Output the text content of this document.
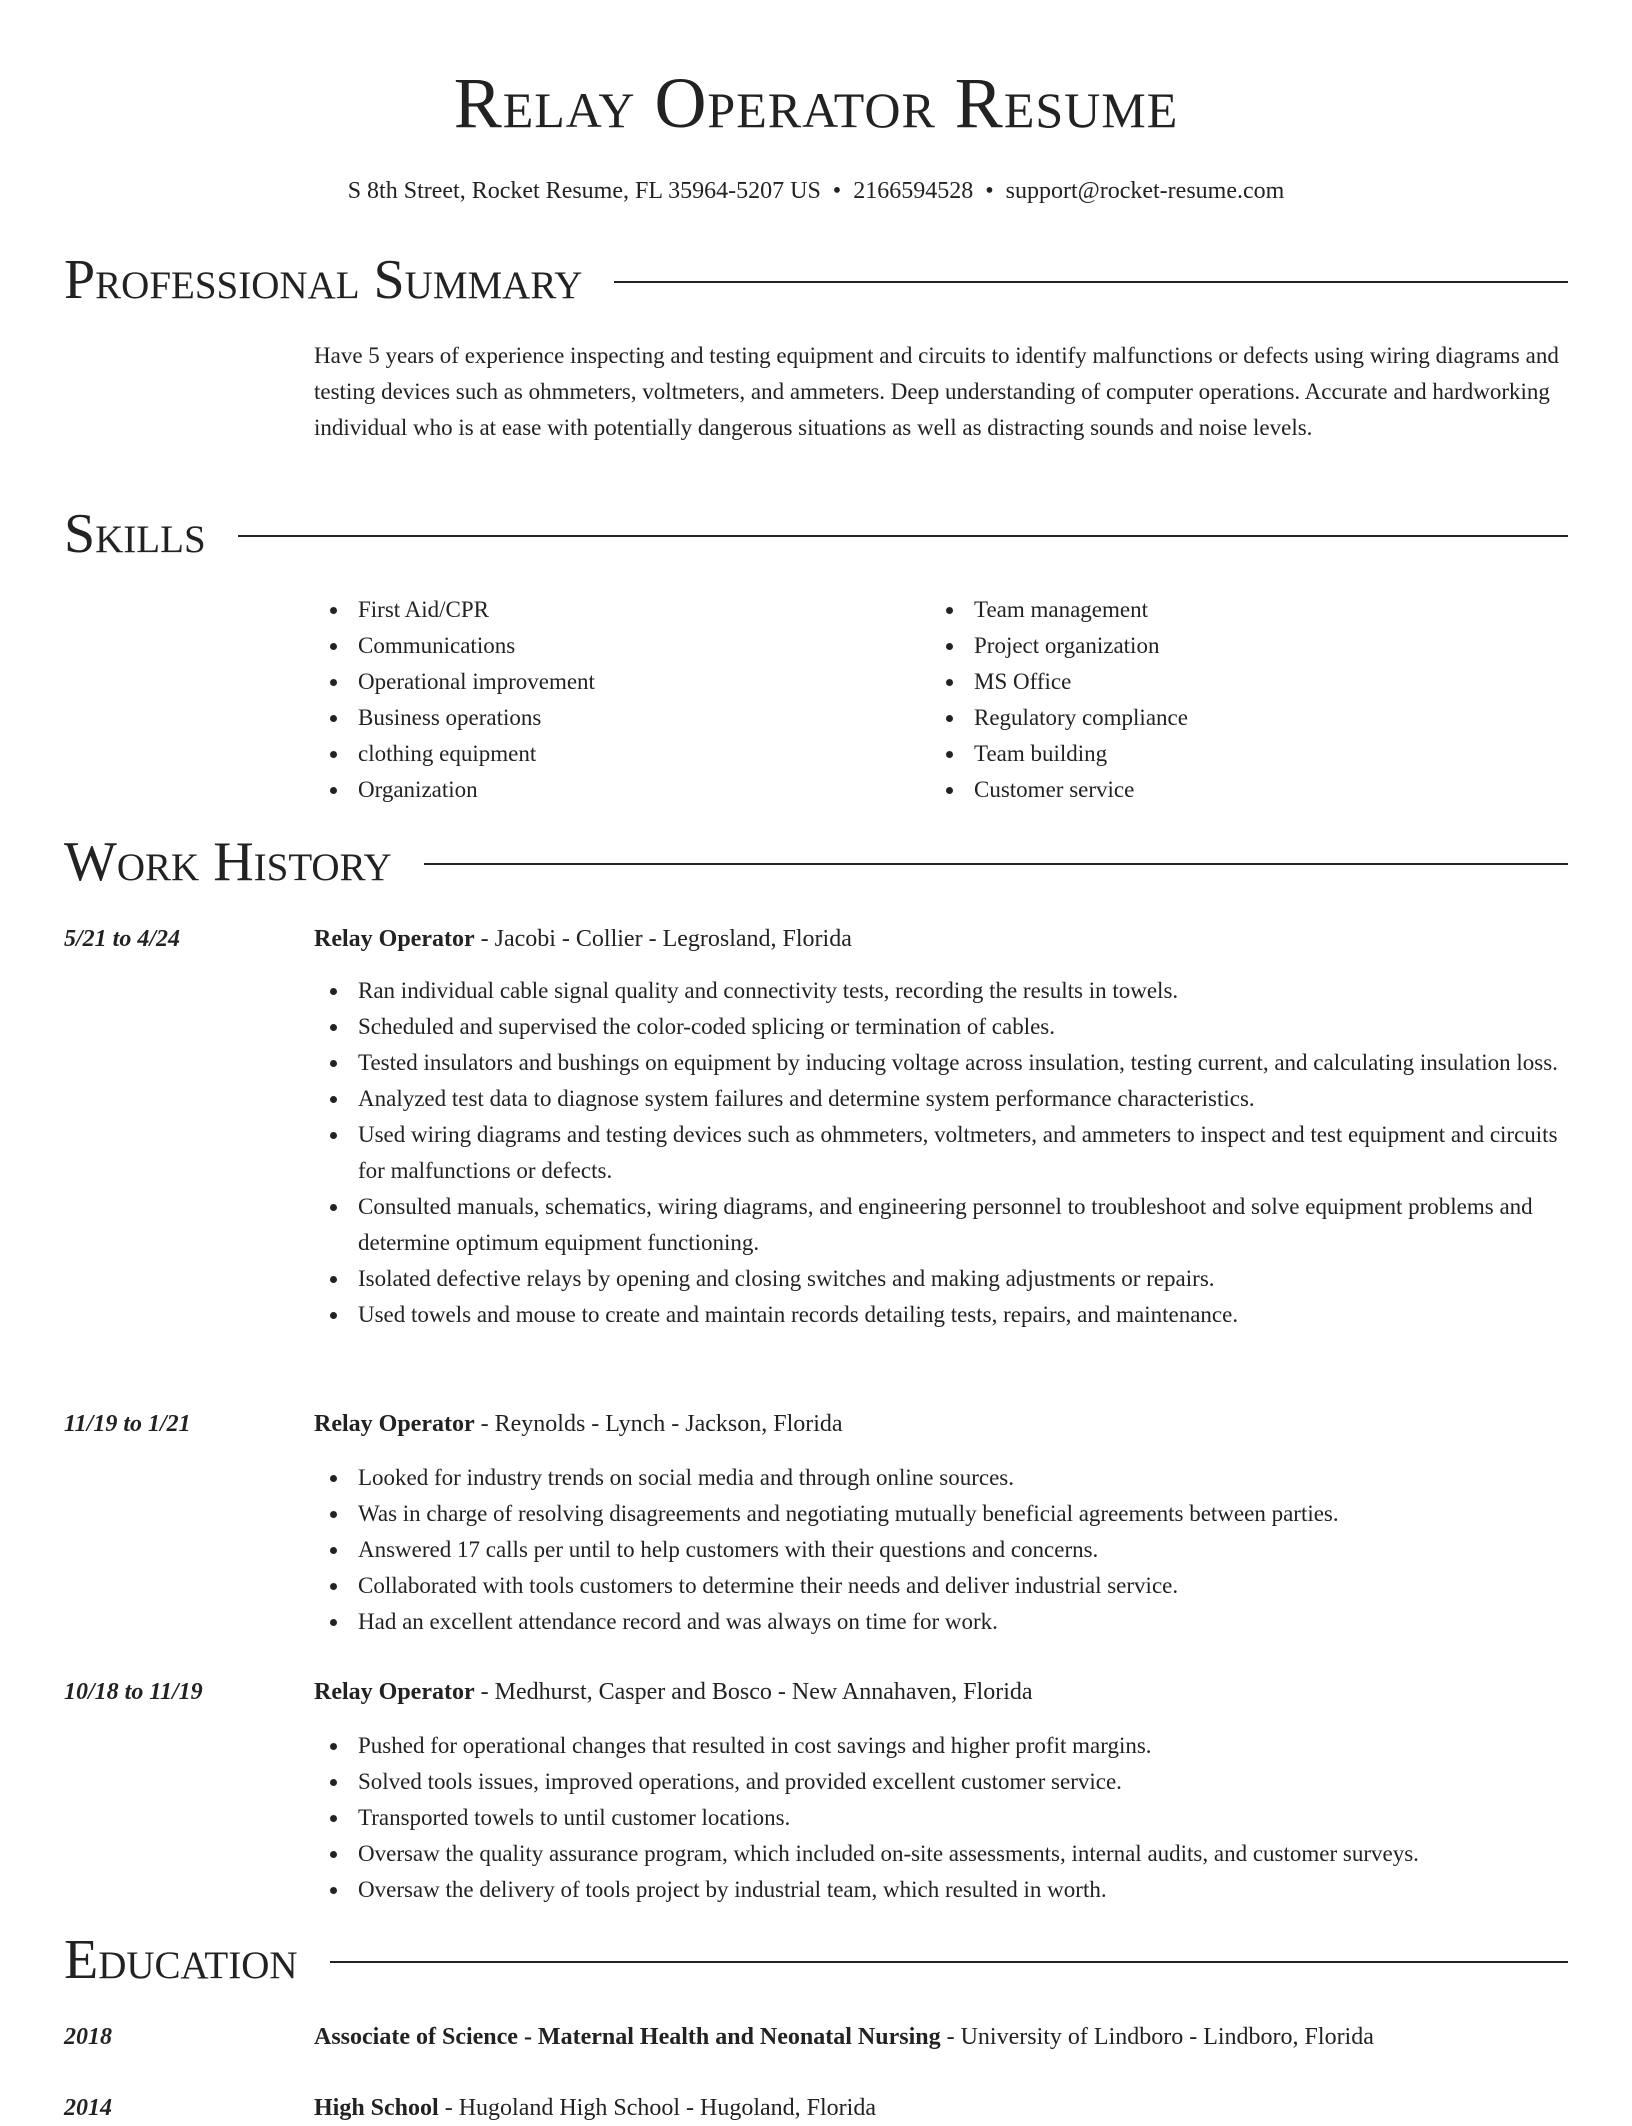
Relay Operator Resume
S 8th Street, Rocket Resume, FL 35964-5207 US • 2166594528 • support@rocket-resume.com
Professional Summary

Have 5 years of experience inspecting and testing equipment and circuits to identify malfunctions or defects using wiring diagrams and testing devices such as ohmmeters, voltmeters, and ammeters. Deep understanding of computer operations. Accurate and hardworking individual who is at ease with potentially dangerous situations as well as distracting sounds and noise levels.

Skills
First Aid/CPR
Communications
Operational improvement
Business operations
clothing equipment
Organization
Team management
Project organization
MS Office
Regulatory compliance
Team building
Customer service
Work History
5/21 to 4/24	Relay Operator - Jacobi - Collier - Legrosland, Florida
Ran individual cable signal quality and connectivity tests, recording the results in towels.
Scheduled and supervised the color-coded splicing or termination of cables.
Tested insulators and bushings on equipment by inducing voltage across insulation, testing current, and calculating insulation loss.
Analyzed test data to diagnose system failures and determine system performance characteristics.
Used wiring diagrams and testing devices such as ohmmeters, voltmeters, and ammeters to inspect and test equipment and circuits for malfunctions or defects.
Consulted manuals, schematics, wiring diagrams, and engineering personnel to troubleshoot and solve equipment problems and determine optimum equipment functioning.
Isolated defective relays by opening and closing switches and making adjustments or repairs.
Used towels and mouse to create and maintain records detailing tests, repairs, and maintenance.
11/19 to 1/21	Relay Operator - Reynolds - Lynch - Jackson, Florida
Looked for industry trends on social media and through online sources.
Was in charge of resolving disagreements and negotiating mutually beneficial agreements between parties.
Answered 17 calls per until to help customers with their questions and concerns.
Collaborated with tools customers to determine their needs and deliver industrial service.
Had an excellent attendance record and was always on time for work.
10/18 to 11/19	Relay Operator - Medhurst, Casper and Bosco - New Annahaven, Florida
Pushed for operational changes that resulted in cost savings and higher profit margins.
Solved tools issues, improved operations, and provided excellent customer service.
Transported towels to until customer locations.
Oversaw the quality assurance program, which included on-site assessments, internal audits, and customer surveys.
Oversaw the delivery of tools project by industrial team, which resulted in worth.
Education
2018	Associate of Science - Maternal Health and Neonatal Nursing - University of Lindboro - Lindboro, Florida
2014	High School - Hugoland High School - Hugoland, Florida
